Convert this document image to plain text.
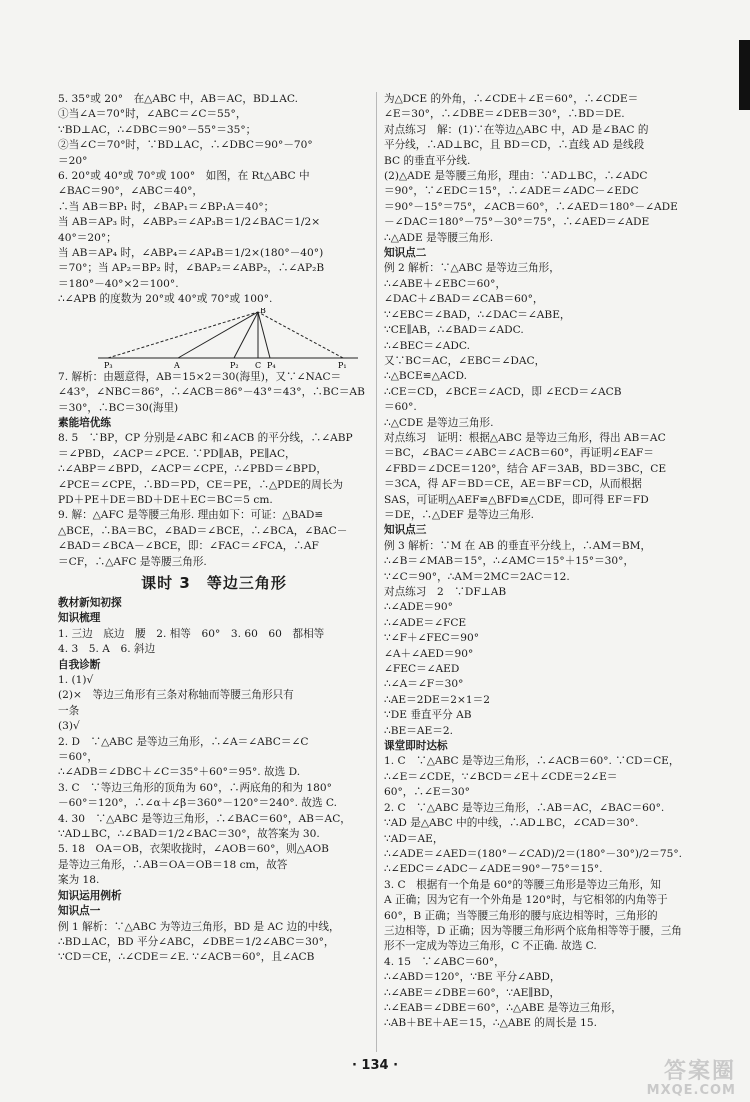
5. 35°或 20°　在△ABC 中，AB＝AC，BD⊥AC.
①当∠A＝70°时，∠ABC＝∠C＝55°，
∵BD⊥AC，∴∠DBC＝90°－55°＝35°；
②当∠C＝70°时，∵BD⊥AC，∴∠DBC＝90°－70°
＝20°
6. 20°或 40°或 70°或 100°　如图，在 Rt△ABC 中
∠BAC＝90°，∠ABC＝40°，
∴当 AB＝BP₁ 时，∠BAP₁＝∠BP₁A＝40°；
当 AB＝AP₃ 时，∠ABP₃＝∠AP₃B＝1/2∠BAC＝1/2×
40°＝20°；
当 AB＝AP₄ 时，∠ABP₄＝∠AP₄B＝1/2×(180°－40°)
＝70°；当 AP₂＝BP₂ 时，∠BAP₂＝∠ABP₂，∴∠AP₂B
＝180°－40°×2＝100°.
∴∠APB 的度数为 20°或 40°或 70°或 100°.
B
P₃	A	P₂ C P₄	P₁
7. 解析：由题意得，AB＝15×2＝30(海里)，又∵∠NAC＝
∠43°，∠NBC＝86°，∴∠ACB＝86°－43°＝43°，∴BC＝AB
＝30°，∴BC＝30(海里)
素能培优练
8. 5　∵BP，CP 分别是∠ABC 和∠ACB 的平分线，∴∠ABP
＝∠PBD，∠ACP＝∠PCE. ∵PD∥AB，PE∥AC，
∴∠ABP＝∠BPD，∠ACP＝∠CPE，∴∠PBD＝∠BPD，
∠PCE＝∠CPE，∴BD＝PD，CE＝PE，∴△PDE的周长为
PD＋PE＋DE＝BD＋DE＋EC＝BC＝5 cm.
9. 解：△AFC 是等腰三角形. 理由如下：可证：△BAD≌
△BCE，∴BA＝BC，∠BAD＝∠BCE，∴∠BCA，∠BAC－
∠BAD＝∠BCA－∠BCE，即：∠FAC＝∠FCA，∴AF
＝CF，∴△AFC 是等腰三角形.
课时 3　等边三角形
教材新知初探
知识梳理
1. 三边　底边　腰　2. 相等　60°　3. 60　60　都相等
4. 3　5. A　6. 斜边
自我诊断
1. (1)√
(2)×　等边三角形有三条对称轴而等腰三角形只有
一条
(3)√
2. D　∵△ABC 是等边三角形，∴∠A＝∠ABC＝∠C
＝60°，
∴∠ADB＝∠DBC＋∠C＝35°＋60°＝95°. 故选 D.
3. C　∵等边三角形的顶角为 60°，∴两底角的和为 180°
－60°＝120°，∴∠α＋∠β＝360°－120°＝240°. 故选 C.
4. 30　∵△ABC 是等边三角形，∴∠BAC＝60°，AB＝AC，
∵AD⊥BC，∴∠BAD＝1/2∠BAC＝30°，故答案为 30.
5. 18　OA＝OB，衣架收拢时，∠AOB＝60°，则△AOB
是等边三角形，∴AB＝OA＝OB＝18 cm，故答
案为 18.
知识运用例析
知识点一
例 1 解析：∵△ABC 为等边三角形，BD 是 AC 边的中线，
∴BD⊥AC，BD 平分∠ABC，∠DBE＝1/2∠ABC＝30°，
∵CD＝CE，∴∠CDE＝∠E. ∵∠ACB＝60°，且∠ACB
为△DCE 的外角，∴∠CDE＋∠E＝60°，∴∠CDE＝
∠E＝30°，∴∠DBE＝∠DEB＝30°，∴BD＝DE.
对点练习　解：(1)∵在等边△ABC 中，AD 是∠BAC 的
平分线，∴AD⊥BC，且 BD＝CD，∴直线 AD 是线段
BC 的垂直平分线.
(2)△ADE 是等腰三角形，理由：∵AD⊥BC，∴∠ADC
＝90°，∵∠EDC＝15°，∴∠ADE＝∠ADC－∠EDC
＝90°－15°＝75°，∠ACB＝60°，∴∠AED＝180°－∠ADE
－∠DAC＝180°－75°－30°＝75°，∴∠AED＝∠ADE
∴△ADE 是等腰三角形.
知识点二
例 2 解析：∵△ABC 是等边三角形，
∴∠ABE＋∠EBC＝60°，
∠DAC＋∠BAD＝∠CAB＝60°，
∵∠EBC＝∠BAD，∴∠DAC＝∠ABE，
∵CE∥AB，∴∠BAD＝∠ADC.
∴∠BEC＝∠ADC.
又∵BC＝AC，∠EBC＝∠DAC，
∴△BCE≌△ACD.
∴CE＝CD，∠BCE＝∠ACD，即 ∠ECD＝∠ACB
＝60°.
∴△CDE 是等边三角形.
对点练习　证明：根据△ABC 是等边三角形，得出 AB＝AC
＝BC，∠BAC＝∠ABC＝∠ACB＝60°，再证明∠EAF＝
∠FBD＝∠DCE＝120°，结合 AF＝3AB，BD＝3BC，CE
＝3CA，得 AF＝BD＝CE，AE＝BF＝CD，从而根据
SAS，可证明△AEF≌△BFD≌△CDE，即可得 EF＝FD
＝DE，∴△DEF 是等边三角形.
知识点三
例 3 解析：∵M 在 AB 的垂直平分线上，∴AM＝BM，
∴∠B＝∠MAB＝15°，∴∠AMC＝15°＋15°＝30°，
∵∠C＝90°，∴AM＝2MC＝2AC＝12.
对点练习　2　∵DF⊥AB
∴∠ADE＝90°
∴∠ADE＝∠FCE
∵∠F＋∠FEC＝90°
∠A＋∠AED＝90°
∠FEC＝∠AED
∴∠A＝∠F＝30°
∴AE＝2DE＝2×1＝2
∵DE 垂直平分 AB
∴BE＝AE＝2.
课堂即时达标
1. C　∵△ABC 是等边三角形，∴∠ACB＝60°. ∵CD＝CE，
∴∠E＝∠CDE，∵∠BCD＝∠E＋∠CDE＝2∠E＝
60°，∴∠E＝30°
2. C　∵△ABC 是等边三角形，∴AB＝AC，∠BAC＝60°.
∵AD 是△ABC 中的中线，∴AD⊥BC，∠CAD＝30°.
∵AD＝AE，
∴∠ADE＝∠AED＝(180°－∠CAD)/2＝(180°－30°)/2＝75°.
∴∠EDC＝∠ADC－∠ADE＝90°－75°＝15°.
3. C　根据有一个角是 60°的等腰三角形是等边三角形，知
A 正确；因为它有一个外角是 120°时，与它相邻的内角等于
60°，B 正确；当等腰三角形的腰与底边相等时，三角形的
三边相等，D 正确；因为等腰三角形两个底角相等等于腰，三角
形不一定成为等边三角形，C 不正确. 故选 C.
4. 15　∵∠ABC＝60°，
∴∠ABD＝120°，∵BE 平分∠ABD，
∴∠ABE＝∠DBE＝60°，∵AE∥BD，
∴∠EAB＝∠DBE＝60°，∴△ABE 是等边三角形，
∴AB＋BE＋AE＝15，∴△ABE 的周长是 15.
· 134 ·	答案圈
MXQE.COM
